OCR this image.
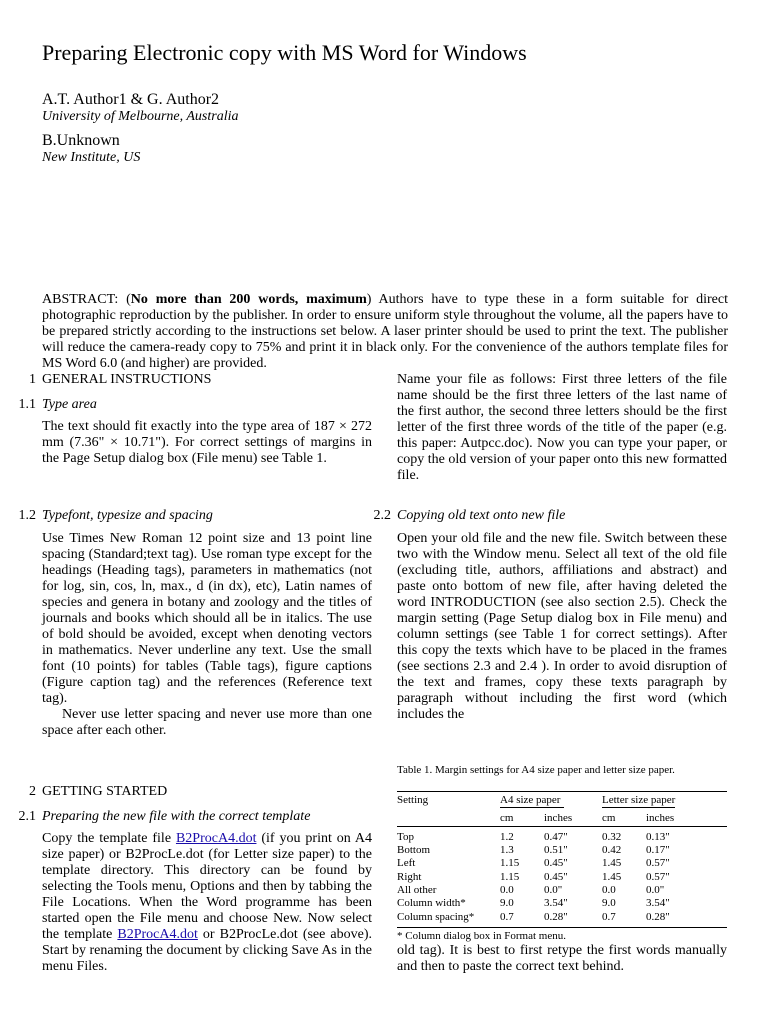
Preparing Electronic copy with MS Word for Windows
A.T. Author1 & G. Author2
University of Melbourne, Australia
B.Unknown
New Institute, US
ABSTRACT: (No more than 200 words, maximum) Authors have to type these in a form suitable for direct photographic reproduction by the publisher. In order to ensure uniform style throughout the volume, all the papers have to be prepared strictly according to the instructions set below. A laser printer should be used to print the text. The publisher will reduce the camera-ready copy to 75% and print it in black only. For the convenience of the authors template files for MS Word 6.0 (and higher) are provided.
1 GENERAL INSTRUCTIONS
1.1 Type area
The text should fit exactly into the type area of 187 × 272 mm (7.36" × 10.71"). For correct settings of margins in the Page Setup dialog box (File menu) see Table 1.
1.2 Typefont, typesize and spacing

Use Times New Roman 12 point size and 13 point line spacing (Standard;text tag). Use roman type except for the headings (Heading tags), parameters in mathematics (not for log, sin, cos, ln, max., d (in dx), etc), Latin names of species and genera in botany and zoology and the titles of journals and books which should all be in italics. The use of bold should be avoided, except when denoting vectors in mathematics. Never underline any text. Use the small font (10 points) for tables (Table tags), figure captions (Figure caption tag) and the references (Reference text tag).

Never use letter spacing and never use more than one space after each other.

2 GETTING STARTED
2.1 Preparing the new file with the correct template
Copy the template file B2ProcA4.dot (if you print on A4 size paper) or B2ProcLe.dot (for Letter size paper) to the template directory. This directory can be found by selecting the Tools menu, Options and then by tabbing the File Locations. When the Word programme has been started open the File menu and choose New. Now select the template B2ProcA4.dot or B2ProcLe.dot (see above). Start by renaming the document by clicking Save As in the menu Files.
Name your file as follows: First three letters of the file name should be the first three letters of the last name of the first author, the second three letters should be the first letter of the first three words of the title of the paper (e.g. this paper: Autpcc.doc). Now you can type your paper, or copy the old version of your paper onto this new formatted file.
2.2 Copying old text onto new file
Open your old file and the new file. Switch between these two with the Window menu. Select all text of the old file (excluding title, authors, affiliations and abstract) and paste onto bottom of new file, after having deleted the word INTRODUCTION (see also section 2.5). Check the margin setting (Page Setup dialog box in File menu) and column settings (see Table 1 for correct settings). After this copy the texts which have to be placed in the frames (see sections 2.3 and 2.4 ). In order to avoid disruption of the text and frames, copy these texts paragraph by paragraph without including the first word (which includes the
Table 1. Margin settings for A4 size paper and letter size paper.
Setting	A4 size paper		Letter size paper	
	cm	inches	cm	inches

Top	1.2	0.47"	0.32	0.13"
Bottom	1.3	0.51"	0.42	0.17"
Left	1.15	0.45"	1.45	0.57"
Right	1.15	0.45"	1.45	0.57"
All other	0.0	0.0"	0.0	0.0"
Column width*	9.0	3.54"	9.0	3.54"
Column spacing*	0.7	0.28"	0.7	0.28"
* Column dialog box in Format menu.
old tag). It is best to first retype the first words manually and then to paste the correct text behind.
